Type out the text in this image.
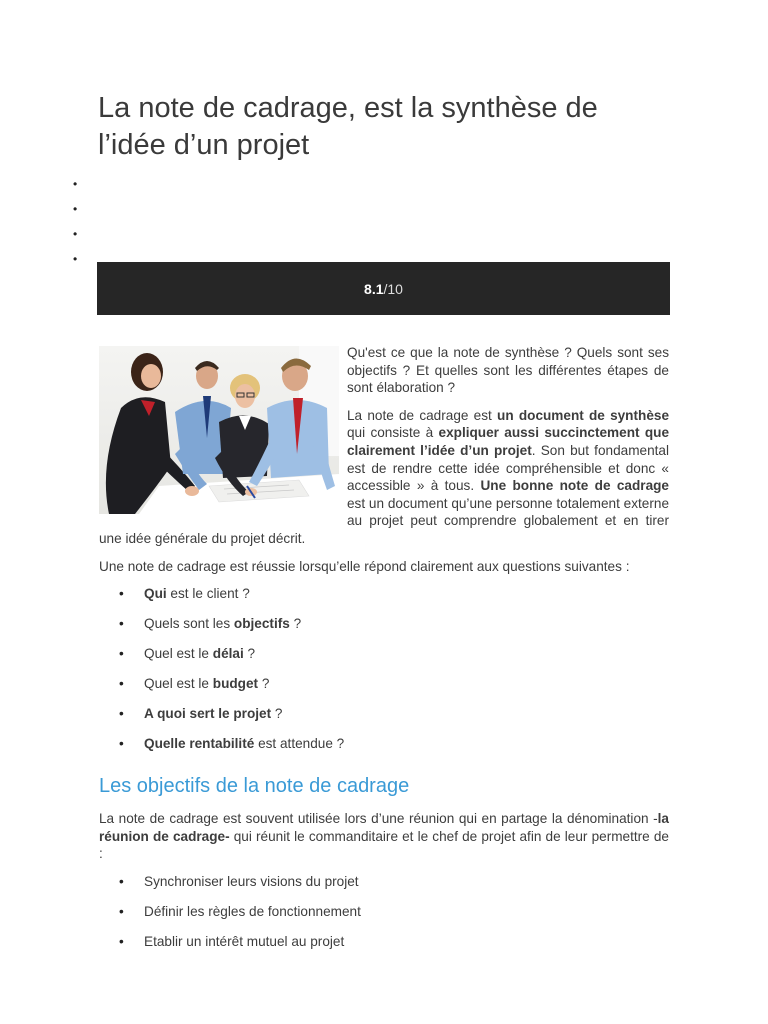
La note de cadrage, est la synthèse de l’idée d’un projet
8.1/10

Qu'est ce que la note de synthèse ? Quels sont ses objectifs ? Et quelles sont les différentes étapes de sont élaboration ?

La note de cadrage est un document de synthèse qui consiste à expliquer aussi succinctement que clairement l’idée d’un projet. Son but fondamental est de rendre cette idée compréhensible et donc « accessible » à tous. Une bonne note de cadrage est un document qu’une personne totalement externe au projet peut comprendre globalement et en tirer une idée générale du projet décrit.

Une note de cadrage est réussie lorsqu’elle répond clairement aux questions suivantes :

• Qui est le client ?
• Quels sont les objectifs ?
• Quel est le délai ?
• Quel est le budget ?
• A quoi sert le projet ?
• Quelle rentabilité est attendue ?
Les objectifs de la note de cadrage

La note de cadrage est souvent utilisée lors d’une réunion qui en partage la dénomination -la réunion de cadrage- qui réunit le commanditaire et le chef de projet afin de leur permettre de :

• Synchroniser leurs visions du projet
• Définir les règles de fonctionnement
• Etablir un intérêt mutuel au projet
